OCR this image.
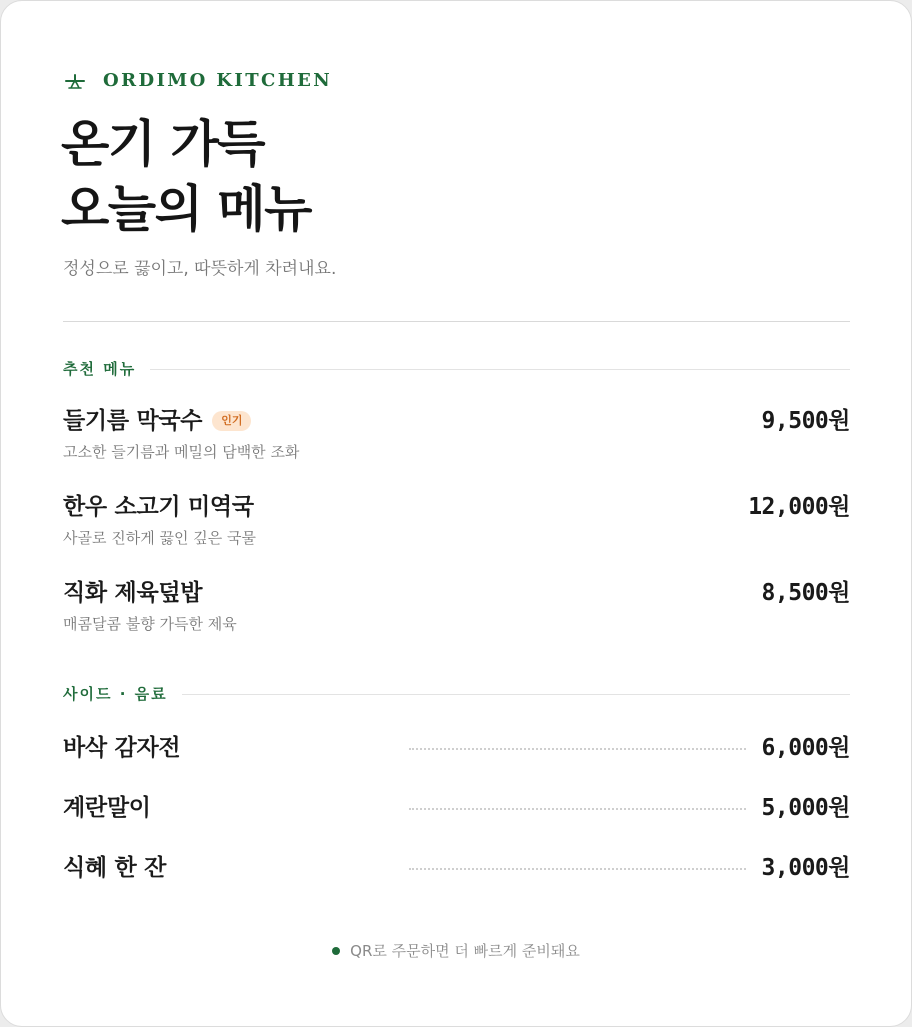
ORDIMO KITCHEN
온기 가득
오늘의 메뉴
정성으로 끓이고, 따뜻하게 차려내요.
추천 메뉴
들기름 막국수	인기
고소한 들기름과 메밀의 담백한 조화
9,500원
한우 소고기 미역국
사골로 진하게 끓인 깊은 국물
12,000원
직화 제육덮밥
매콤달콤 불향 가득한 제육
8,500원
사이드 · 음료
바삭 감자전	6,000원
계란말이	5,000원
식혜 한 잔	3,000원
QR로 주문하면 더 빠르게 준비돼요
